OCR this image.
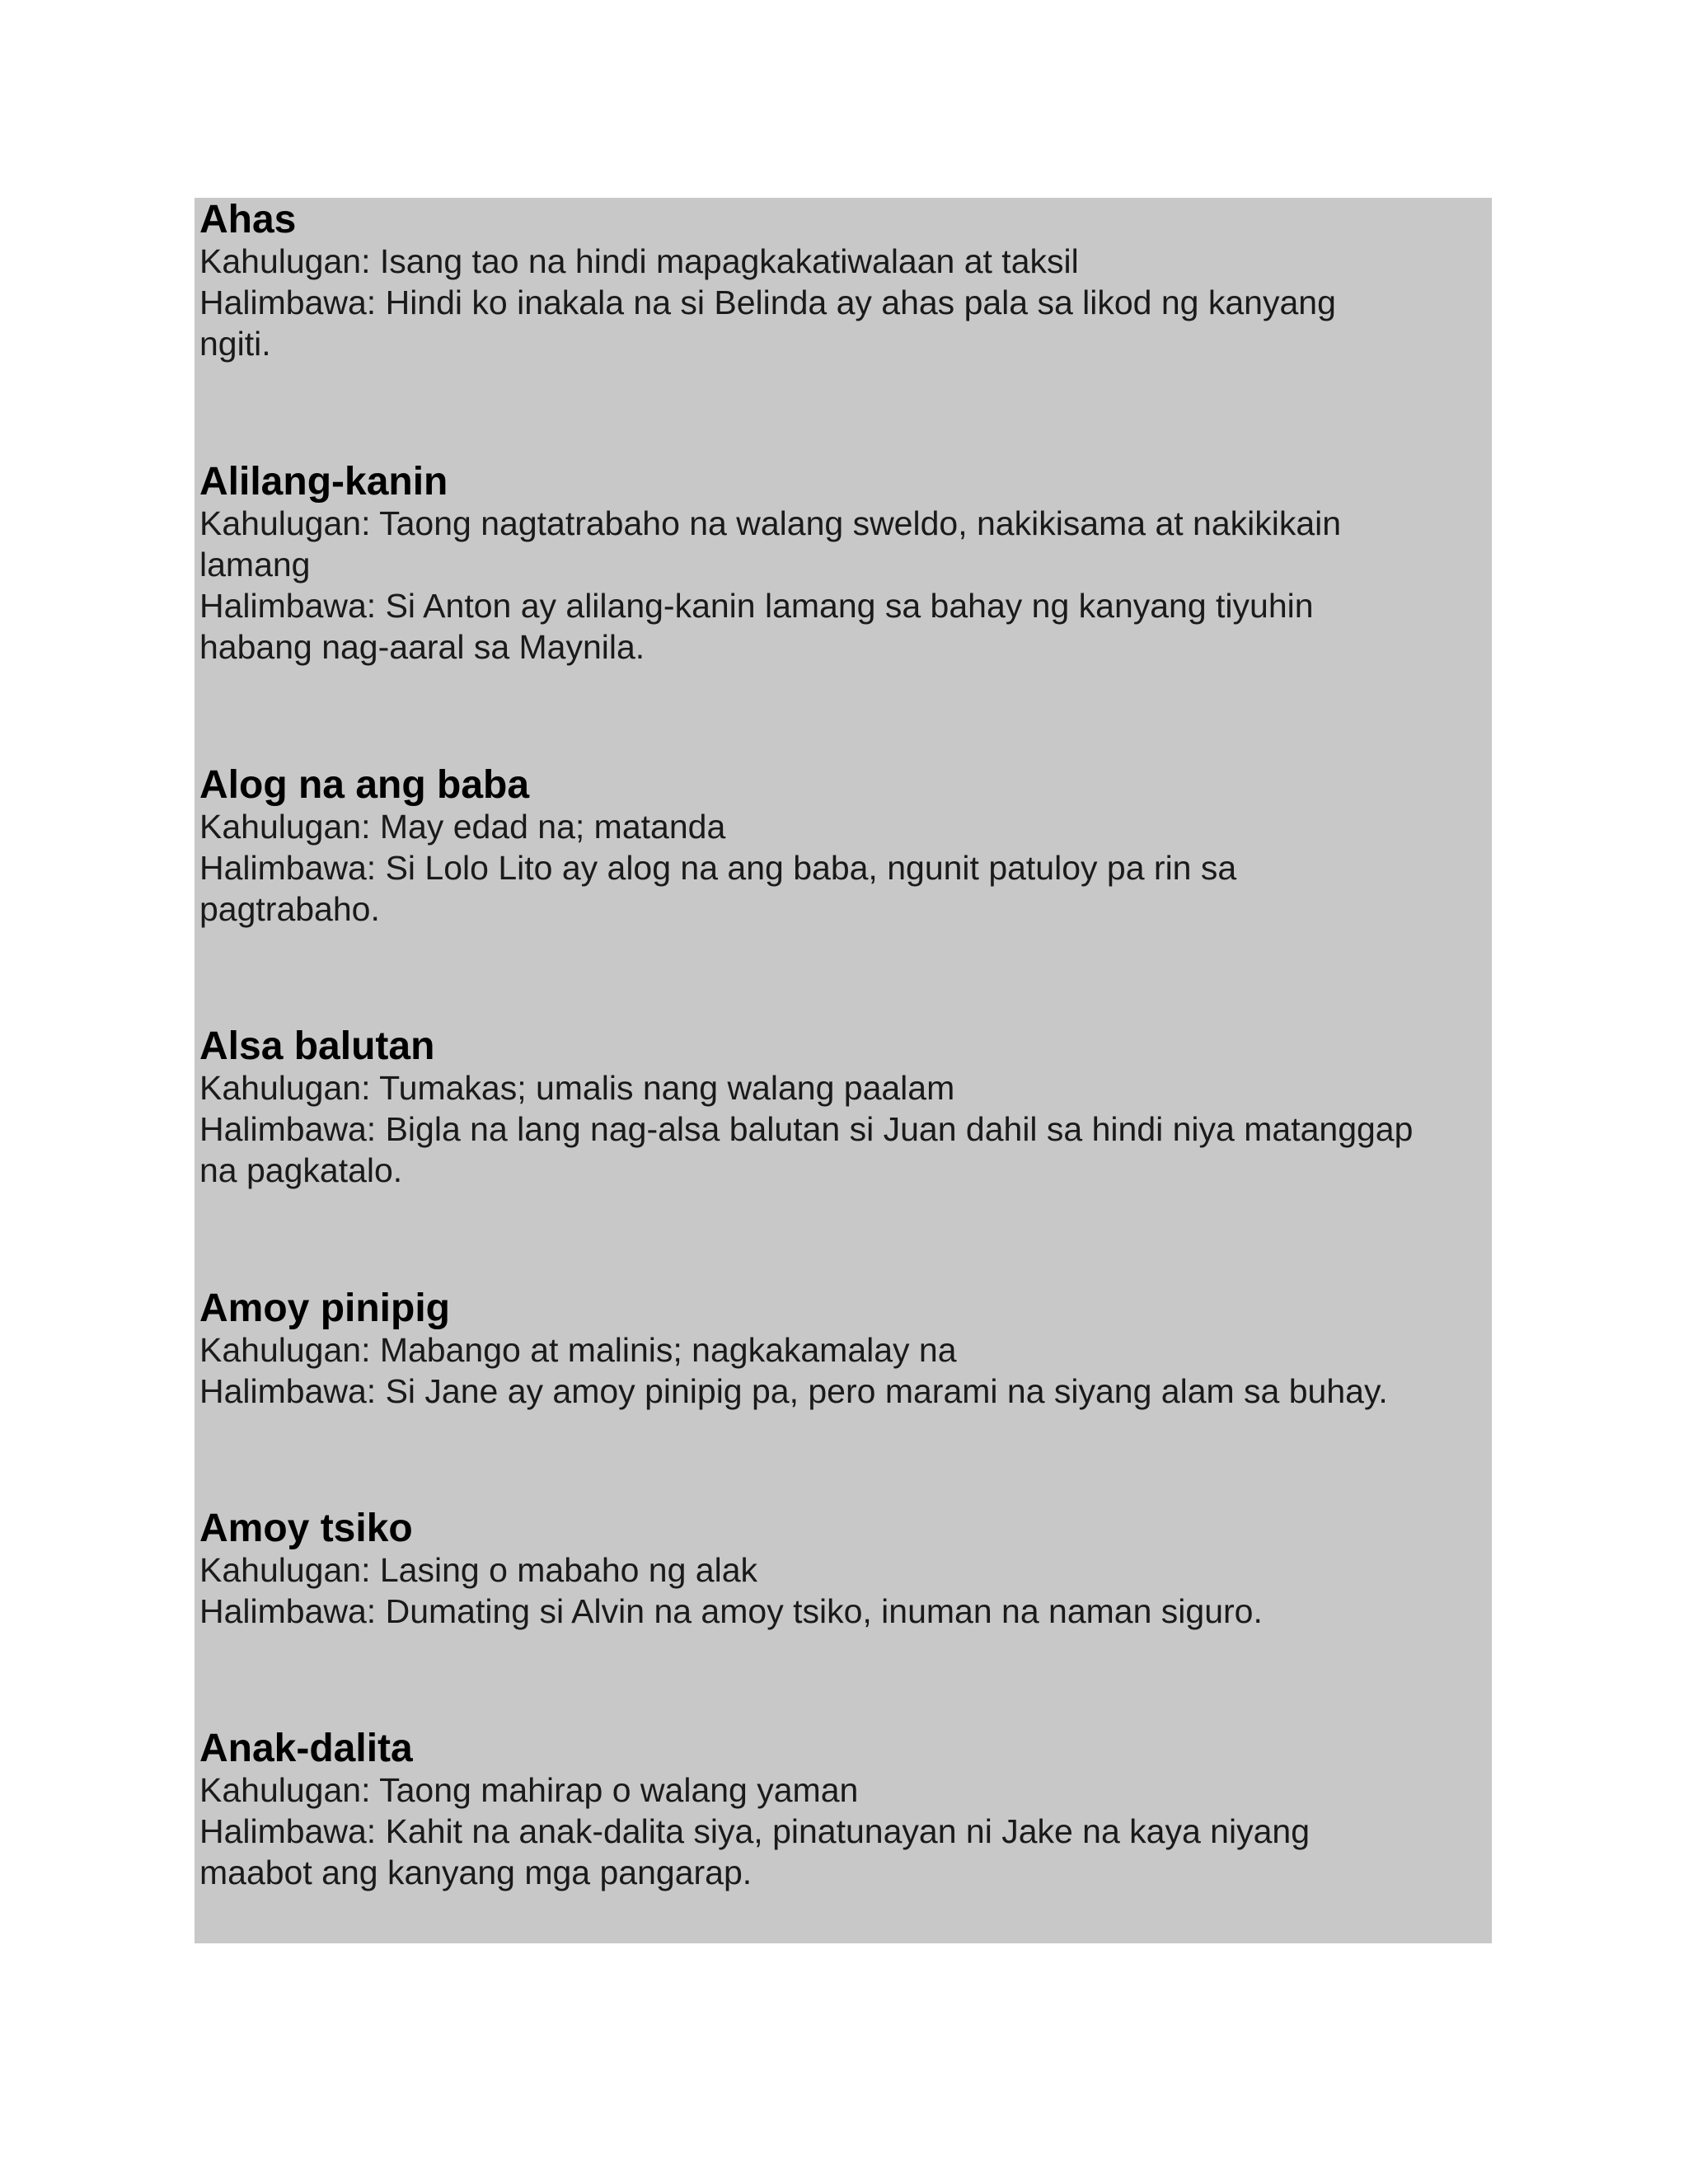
Ahas

Kahulugan: Isang tao na hindi mapagkakatiwalaan at taksil

Halimbawa: Hindi ko inakala na si Belinda ay ahas pala sa likod ng kanyang
ngiti.

Alilang-kanin

Kahulugan: Taong nagtatrabaho na walang sweldo, nakikisama at nakikikain
lamang

Halimbawa: Si Anton ay alilang-kanin lamang sa bahay ng kanyang tiyuhin
habang nag-aaral sa Maynila.

Alog na ang baba

Kahulugan: May edad na; matanda

Halimbawa: Si Lolo Lito ay alog na ang baba, ngunit patuloy pa rin sa
pagtrabaho.

Alsa balutan

Kahulugan: Tumakas; umalis nang walang paalam

Halimbawa: Bigla na lang nag-alsa balutan si Juan dahil sa hindi niya matanggap
na pagkatalo.

Amoy pinipig

Kahulugan: Mabango at malinis; nagkakamalay na

Halimbawa: Si Jane ay amoy pinipig pa, pero marami na siyang alam sa buhay.

Amoy tsiko

Kahulugan: Lasing o mabaho ng alak

Halimbawa: Dumating si Alvin na amoy tsiko, inuman na naman siguro.

Anak-dalita

Kahulugan: Taong mahirap o walang yaman

Halimbawa: Kahit na anak-dalita siya, pinatunayan ni Jake na kaya niyang
maabot ang kanyang mga pangarap.
